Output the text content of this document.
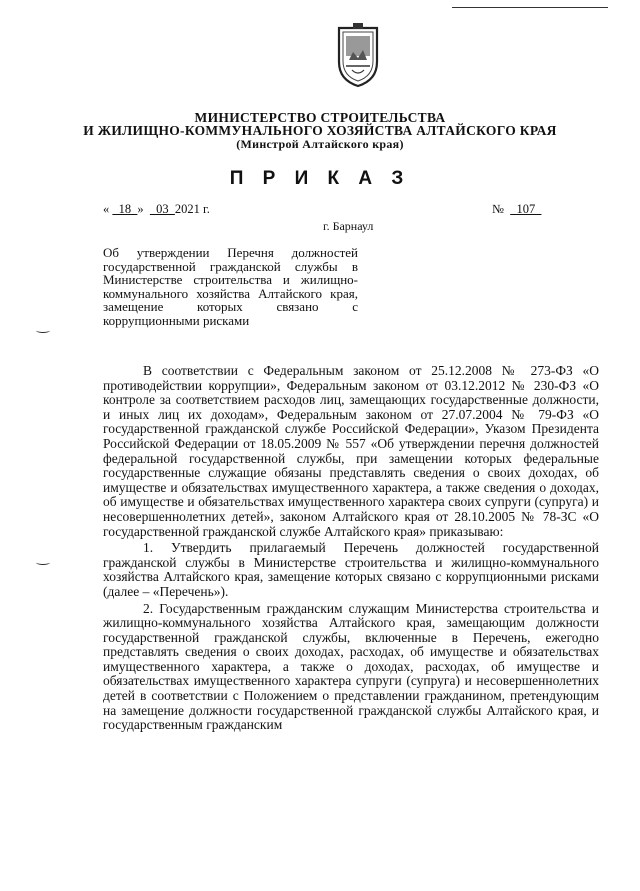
МИНИСТЕРСТВО СТРОИТЕЛЬСТВА
И ЖИЛИЩНО-КОММУНАЛЬНОГО ХОЗЯЙСТВА АЛТАЙСКОГО КРАЯ
(Минстрой Алтайского края)
П Р И К А З
«   18  »    03  2021 г.	№    107
г. Барнаул
Об утверждении Перечня должностей государственной гражданской службы в Министерстве строительства и жилищно-коммунального хозяйства Алтайского края, замещение которых связано с коррупционными рисками

В соответствии с Федеральным законом от 25.12.2008 № 273-ФЗ «О противодействии коррупции», Федеральным законом от 03.12.2012 № 230-ФЗ «О контроле за соответствием расходов лиц, замещающих государственные должности, и иных лиц их доходам», Федеральным законом от 27.07.2004 № 79-ФЗ «О государственной гражданской службе Российской Федерации», Указом Президента Российской Федерации от 18.05.2009 № 557 «Об утверждении перечня должностей федеральной государственной службы, при замещении которых федеральные государственные служащие обязаны представлять сведения о своих доходах, об имуществе и обязательствах имущественного характера, а также сведения о доходах, об имуществе и обязательствах имущественного характера своих супруги (супруга) и несовершеннолетних детей», законом Алтайского края от 28.10.2005 № 78-ЗС «О государственной гражданской службе Алтайского края» приказываю:

1. Утвердить прилагаемый Перечень должностей государственной гражданской службы в Министерстве строительства и жилищно-коммунального хозяйства Алтайского края, замещение которых связано с коррупционными рисками (далее – «Перечень»).

2. Государственным гражданским служащим Министерства строительства и жилищно-коммунального хозяйства Алтайского края, замещающим должности государственной гражданской службы, включенные в Перечень, ежегодно представлять сведения о своих доходах, расходах, об имуществе и обязательствах имущественного характера, а также о доходах, расходах, об имуществе и обязательствах имущественного характера супруги (супруга) и несовершеннолетних детей в соответствии с Положением о представлении гражданином, претендующим на замещение должности государственной гражданской службы Алтайского края, и государственным гражданским
